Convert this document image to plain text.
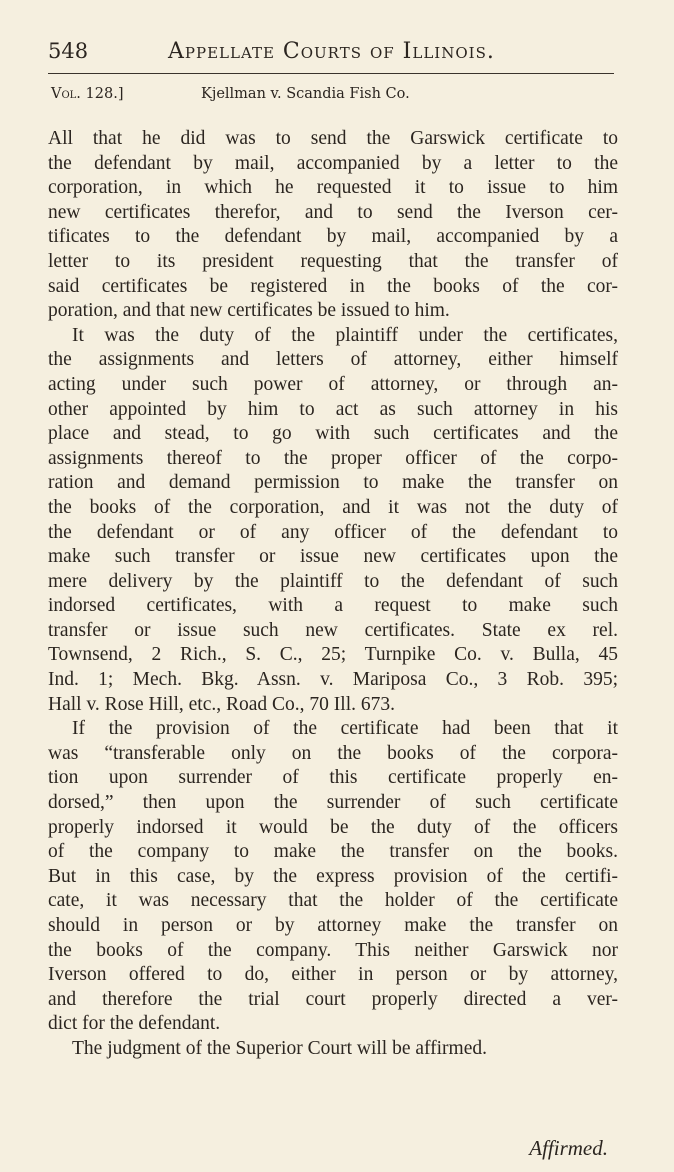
548	Appellate Courts of Illinois.
Vol. 128.]	Kjellman v. Scandia Fish Co.
All that he did was to send the Garswick certificate to
the defendant by mail, accompanied by a letter to the
corporation, in which he requested it to issue to him
new certificates therefor, and to send the Iverson cer-
tificates to the defendant by mail, accompanied by a
letter to its president requesting that the transfer of
said certificates be registered in the books of the cor-
poration, and that new certificates be issued to him.
It was the duty of the plaintiff under the certificates,
the assignments and letters of attorney, either himself
acting under such power of attorney, or through an-
other appointed by him to act as such attorney in his
place and stead, to go with such certificates and the
assignments thereof to the proper officer of the corpo-
ration and demand permission to make the transfer on
the books of the corporation, and it was not the duty of
the defendant or of any officer of the defendant to
make such transfer or issue new certificates upon the
mere delivery by the plaintiff to the defendant of such
indorsed certificates, with a request to make such
transfer or issue such new certificates. State ex rel.
Townsend, 2 Rich., S. C., 25; Turnpike Co. v. Bulla, 45
Ind. 1; Mech. Bkg. Assn. v. Mariposa Co., 3 Rob. 395;
Hall v. Rose Hill, etc., Road Co., 70 Ill. 673.
If the provision of the certificate had been that it
was “transferable only on the books of the corpora-
tion upon surrender of this certificate properly en-
dorsed,” then upon the surrender of such certificate
properly indorsed it would be the duty of the officers
of the company to make the transfer on the books.
But in this case, by the express provision of the certifi-
cate, it was necessary that the holder of the certificate
should in person or by attorney make the transfer on
the books of the company. This neither Garswick nor
Iverson offered to do, either in person or by attorney,
and therefore the trial court properly directed a ver-
dict for the defendant.
The judgment of the Superior Court will be affirmed.
Affirmed.
